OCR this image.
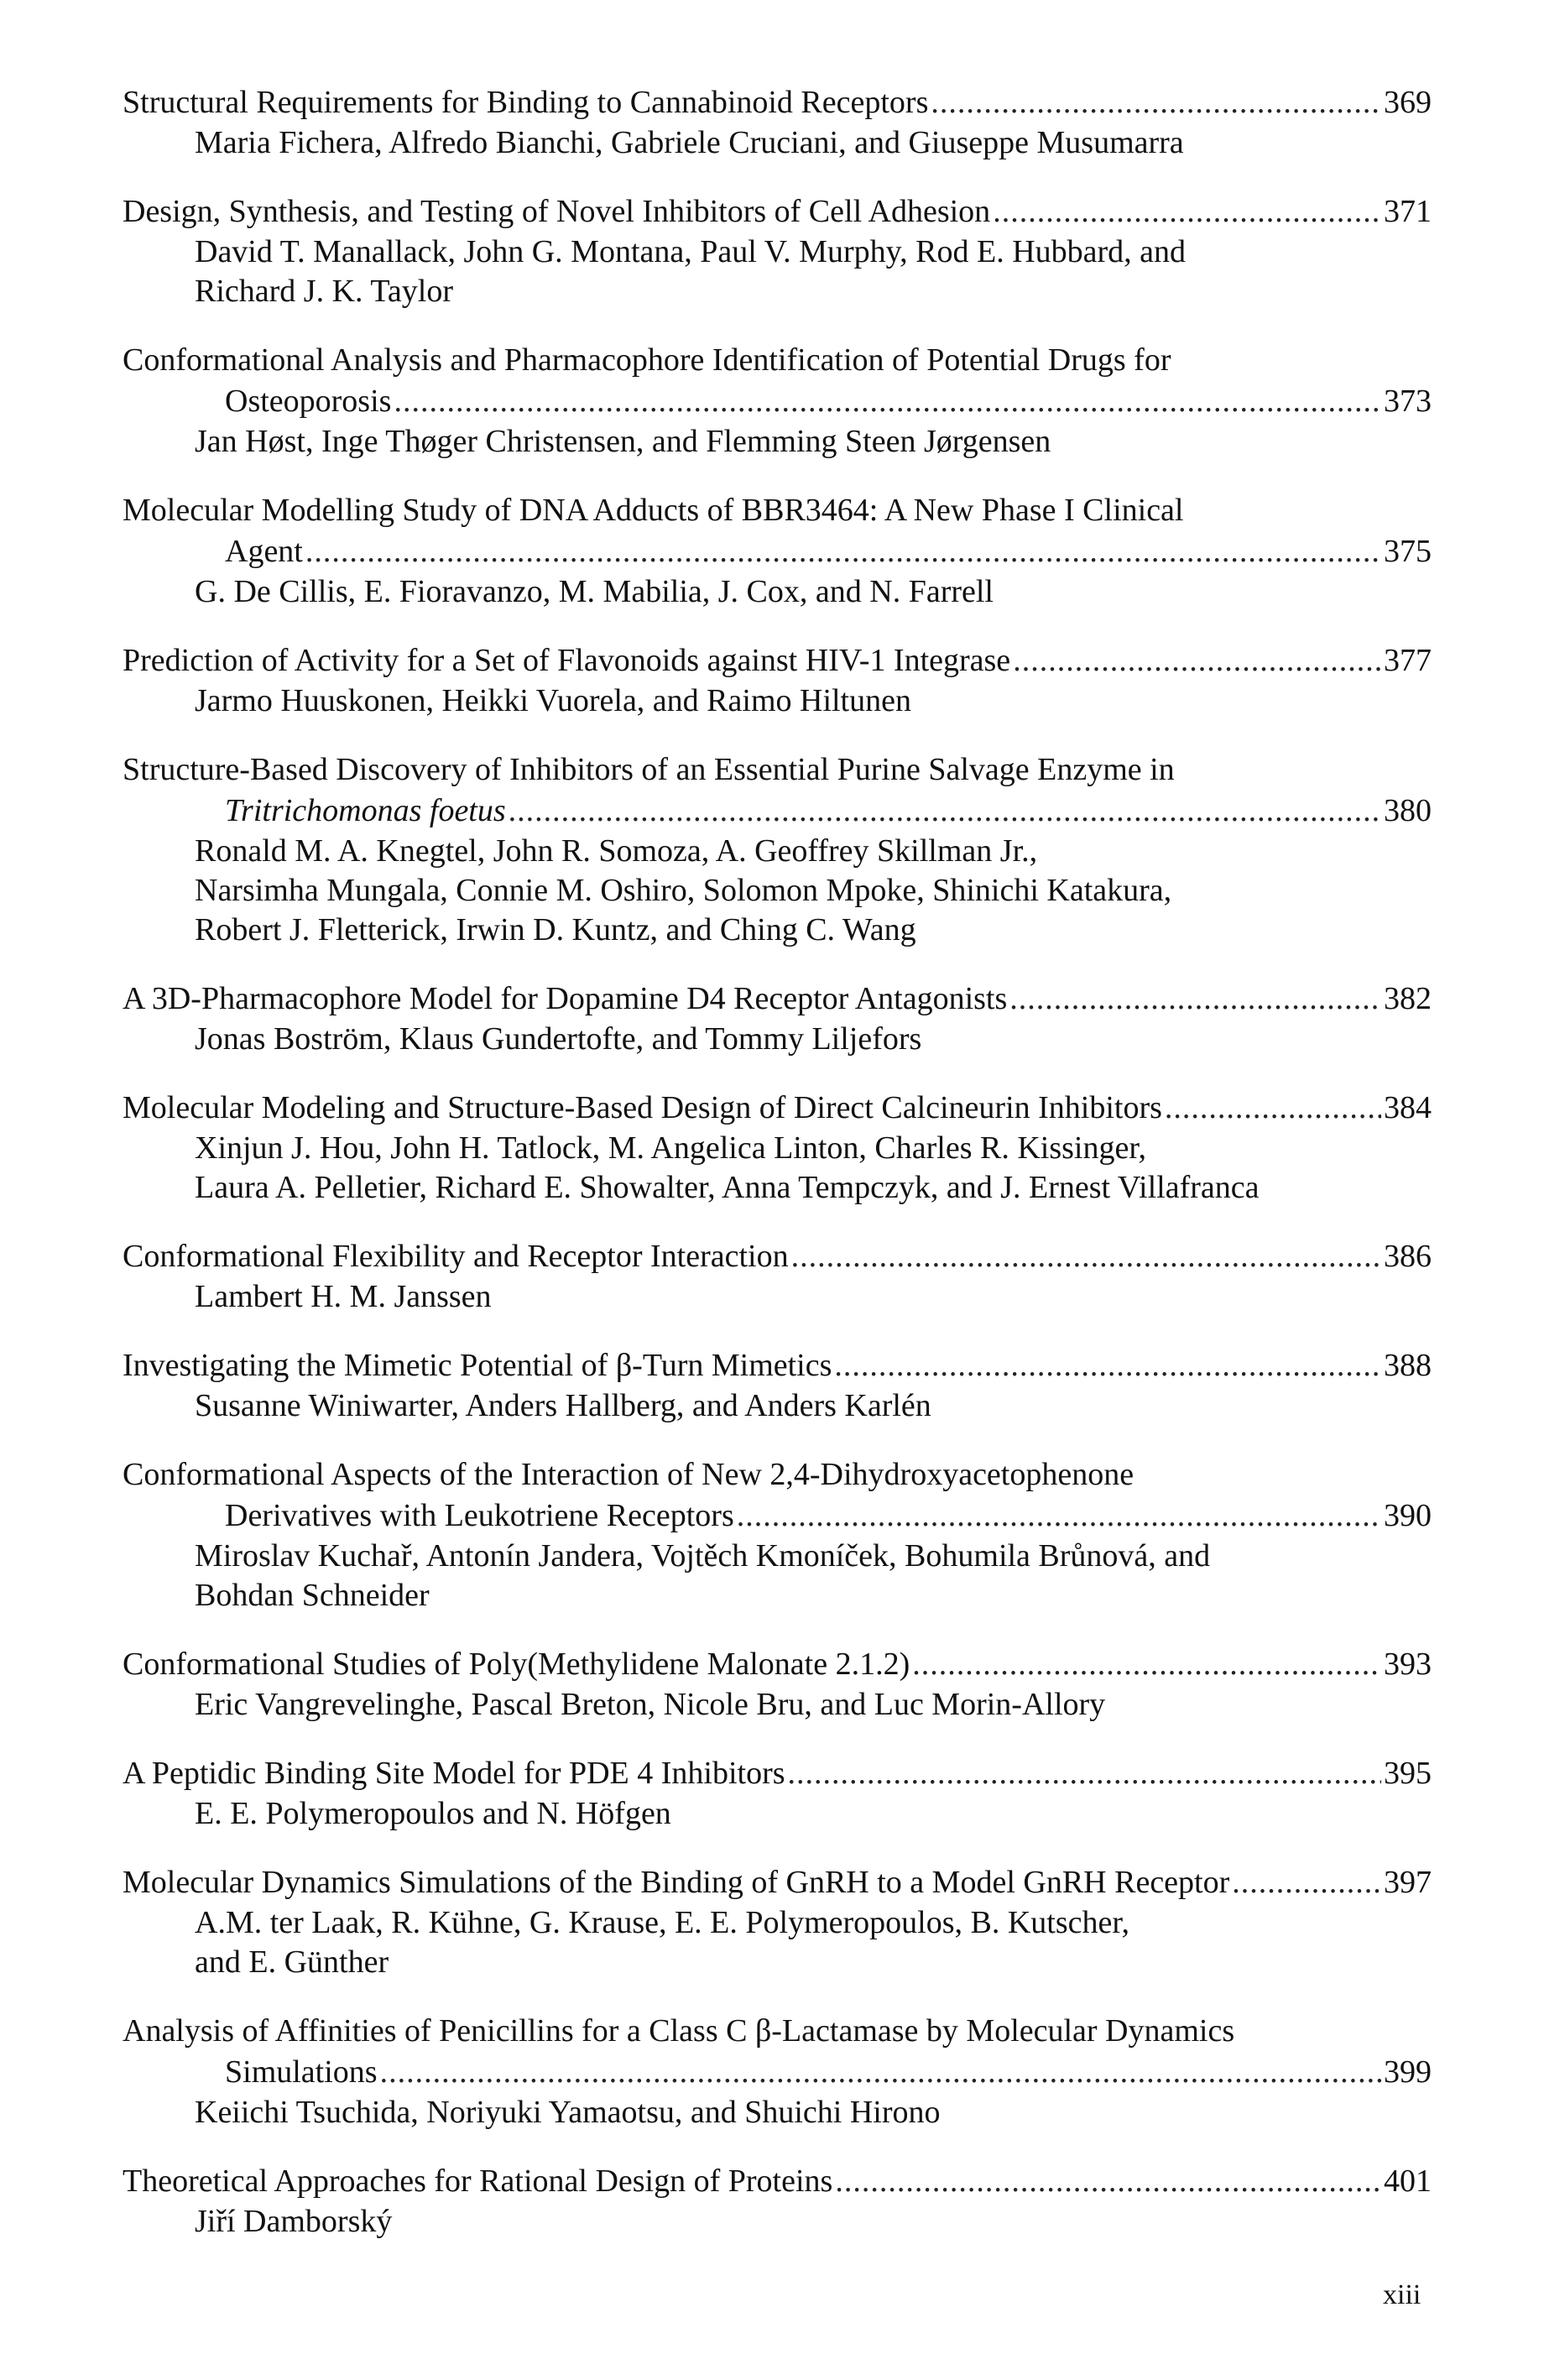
Structural Requirements for Binding to Cannabinoid Receptors .....	369
Maria Fichera, Alfredo Bianchi, Gabriele Cruciani, and Giuseppe Musumarra
Design, Synthesis, and Testing of Novel Inhibitors of Cell Adhesion .....	371
David T. Manallack, John G. Montana, Paul V. Murphy, Rod E. Hubbard, and
Richard J. K. Taylor
Conformational Analysis and Pharmacophore Identification of Potential Drugs for
Osteoporosis .....	373
Jan Høst, Inge Thøger Christensen, and Flemming Steen Jørgensen
Molecular Modelling Study of DNA Adducts of BBR3464: A New Phase I Clinical
Agent .....	375
G. De Cillis, E. Fioravanzo, M. Mabilia, J. Cox, and N. Farrell
Prediction of Activity for a Set of Flavonoids against HIV-1 Integrase .....	377
Jarmo Huuskonen, Heikki Vuorela, and Raimo Hiltunen
Structure-Based Discovery of Inhibitors of an Essential Purine Salvage Enzyme in
Tritrichomonas foetus .....	380
Ronald M. A. Knegtel, John R. Somoza, A. Geoffrey Skillman Jr.,
Narsimha Mungala, Connie M. Oshiro, Solomon Mpoke, Shinichi Katakura,
Robert J. Fletterick, Irwin D. Kuntz, and Ching C. Wang
A 3D-Pharmacophore Model for Dopamine D4 Receptor Antagonists .....	382
Jonas Boström, Klaus Gundertofte, and Tommy Liljefors
Molecular Modeling and Structure-Based Design of Direct Calcineurin Inhibitors .....	384
Xinjun J. Hou, John H. Tatlock, M. Angelica Linton, Charles R. Kissinger,
Laura A. Pelletier, Richard E. Showalter, Anna Tempczyk, and J. Ernest Villafranca
Conformational Flexibility and Receptor Interaction .....	386
Lambert H. M. Janssen
Investigating the Mimetic Potential of β-Turn Mimetics .....	388
Susanne Winiwarter, Anders Hallberg, and Anders Karlén
Conformational Aspects of the Interaction of New 2,4-Dihydroxyacetophenone
Derivatives with Leukotriene Receptors .....	390
Miroslav Kuchař, Antonín Jandera, Vojtěch Kmoníček, Bohumila Brůnová, and
Bohdan Schneider
Conformational Studies of Poly(Methylidene Malonate 2.1.2) .....	393
Eric Vangrevelinghe, Pascal Breton, Nicole Bru, and Luc Morin-Allory
A Peptidic Binding Site Model for PDE 4 Inhibitors .....	395
E. E. Polymeropoulos and N. Höfgen
Molecular Dynamics Simulations of the Binding of GnRH to a Model GnRH Receptor .....	397
A.M. ter Laak, R. Kühne, G. Krause, E. E. Polymeropoulos, B. Kutscher,
and E. Günther
Analysis of Affinities of Penicillins for a Class C β-Lactamase by Molecular Dynamics
Simulations .....	399
Keiichi Tsuchida, Noriyuki Yamaotsu, and Shuichi Hirono
Theoretical Approaches for Rational Design of Proteins .....	401
Jiří Damborský
xiii
